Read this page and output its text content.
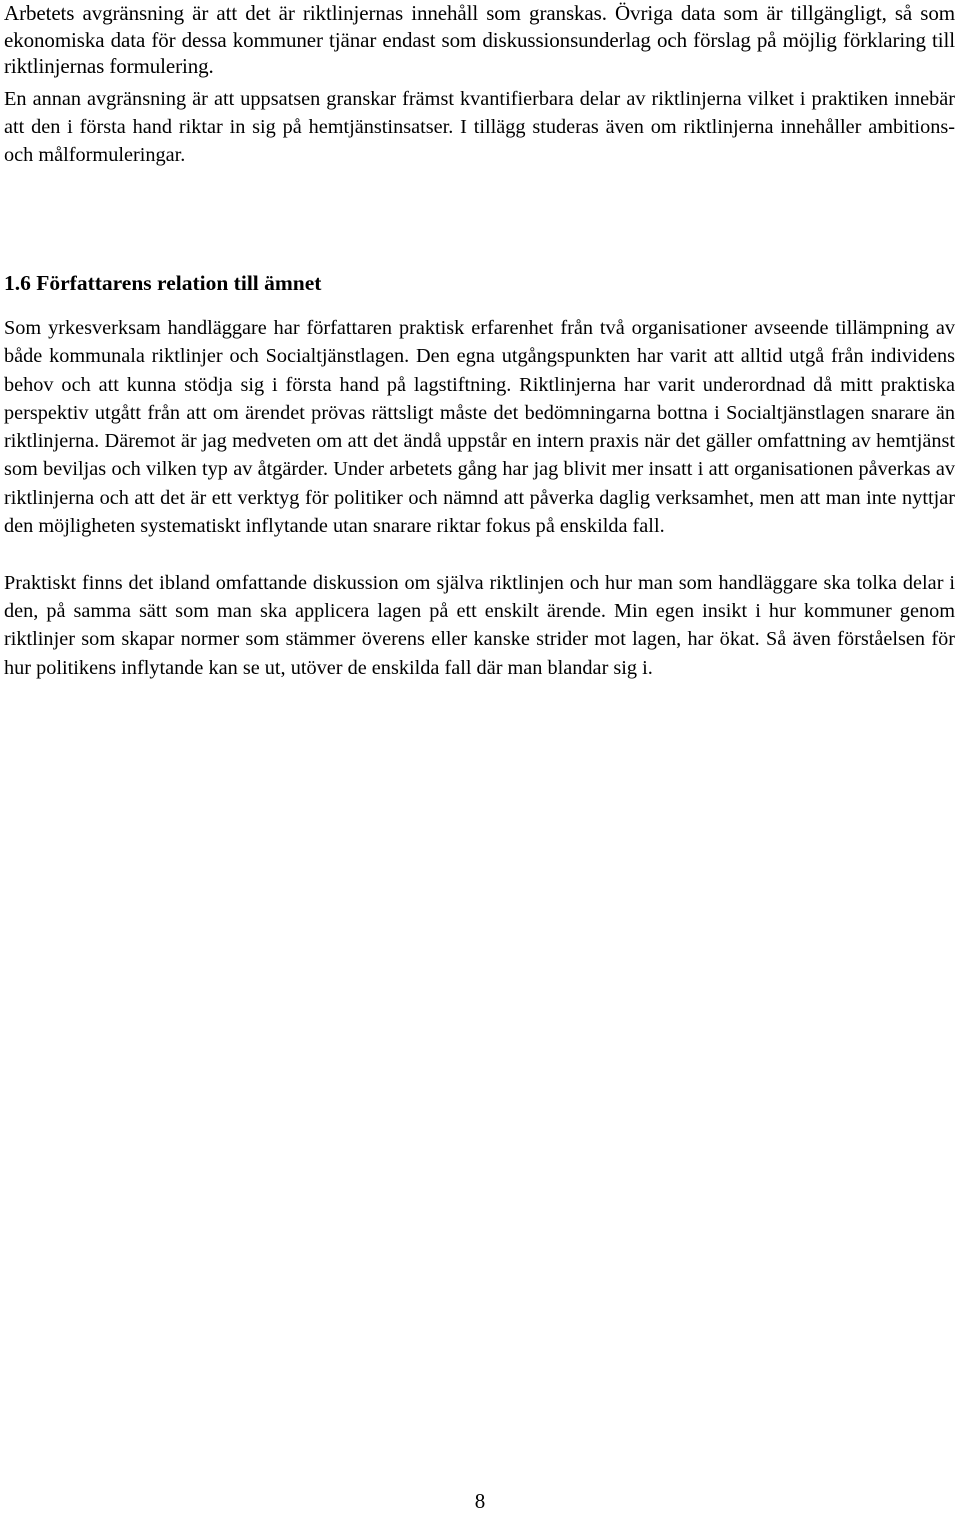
Arbetets avgränsning är att det är riktlinjernas innehåll som granskas. Övriga data som är tillgängligt, så som ekonomiska data för dessa kommuner tjänar endast som diskussionsunderlag och förslag på möjlig förklaring till riktlinjernas formulering.

En annan avgränsning är att uppsatsen granskar främst kvantifierbara delar av riktlinjerna vilket i praktiken innebär att den i första hand riktar in sig på hemtjänstinsatser. I tillägg studeras även om riktlinjerna innehåller ambitions- och målformuleringar.

1.6 Författarens relation till ämnet

Som yrkesverksam handläggare har författaren praktisk erfarenhet från två organisationer avseende tillämpning av både kommunala riktlinjer och Socialtjänstlagen. Den egna utgångspunkten har varit att alltid utgå från individens behov och att kunna stödja sig i första hand på lagstiftning. Riktlinjerna har varit underordnad då mitt praktiska perspektiv utgått från att om ärendet prövas rättsligt måste det bedömningarna bottna i Socialtjänstlagen snarare än riktlinjerna. Däremot är jag medveten om att det ändå uppstår en intern praxis när det gäller omfattning av hemtjänst som beviljas och vilken typ av åtgärder. Under arbetets gång har jag blivit mer insatt i att organisationen påverkas av riktlinjerna och att det är ett verktyg för politiker och nämnd att påverka daglig verksamhet, men att man inte nyttjar den möjligheten systematiskt inflytande utan snarare riktar fokus på enskilda fall.

Praktiskt finns det ibland omfattande diskussion om själva riktlinjen och hur man som handläggare ska tolka delar i den, på samma sätt som man ska applicera lagen på ett enskilt ärende. Min egen insikt i hur kommuner genom riktlinjer som skapar normer som stämmer överens eller kanske strider mot lagen, har ökat. Så även förståelsen för hur politikens inflytande kan se ut, utöver de enskilda fall där man blandar sig i.

8
